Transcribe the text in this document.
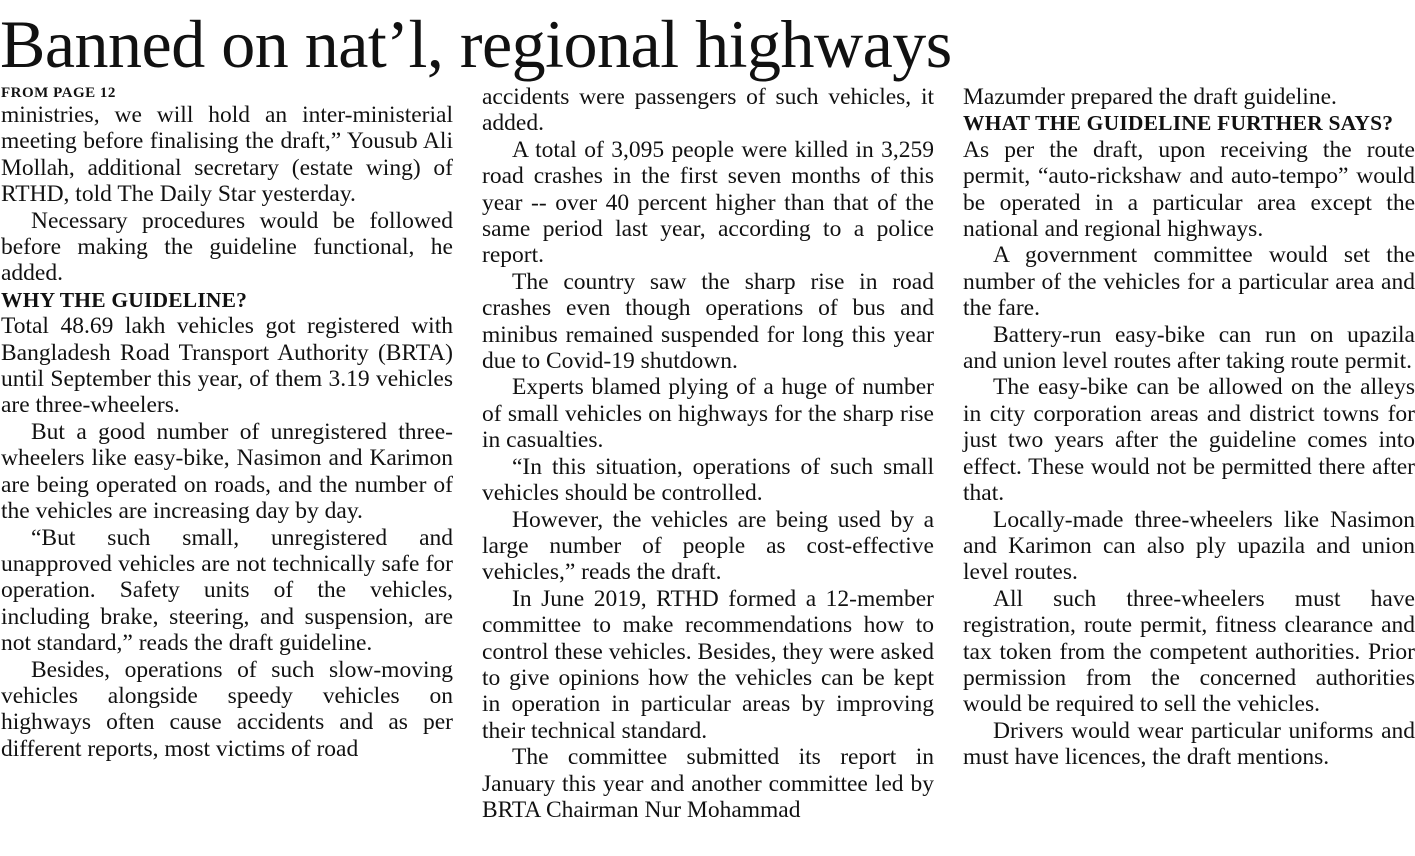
Banned on nat’l, regional highways

FROM PAGE 12

ministries, we will hold an inter-ministerial meeting before finalising the draft,” Yousub Ali Mollah, additional secretary (estate wing) of RTHD, told The Daily Star yesterday.

Necessary procedures would be followed before making the guideline functional, he added.

WHY THE GUIDELINE?

Total 48.69 lakh vehicles got registered with Bangladesh Road Transport Authority (BRTA) until September this year, of them 3.19 vehicles are three-wheelers.

But a good number of unregistered three-wheelers like easy-bike, Nasimon and Karimon are being operated on roads, and the number of the vehicles are increasing day by day.

“But such small, unregistered and unapproved vehicles are not technically safe for operation. Safety units of the vehicles, including brake, steering, and suspension, are not standard,” reads the draft guideline.

Besides, operations of such slow-moving vehicles alongside speedy vehicles on highways often cause accidents and as per different reports, most victims of road

accidents were passengers of such vehicles, it added.

A total of 3,095 people were killed in 3,259 road crashes in the first seven months of this year -- over 40 percent higher than that of the same period last year, according to a police report.

The country saw the sharp rise in road crashes even though operations of bus and minibus remained suspended for long this year due to Covid-19 shutdown.

Experts blamed plying of a huge of number of small vehicles on highways for the sharp rise in casualties.

“In this situation, operations of such small vehicles should be controlled.

However, the vehicles are being used by a large number of people as cost-effective vehicles,” reads the draft.

In June 2019, RTHD formed a 12-member committee to make recommendations how to control these vehicles. Besides, they were asked to give opinions how the vehicles can be kept in operation in particular areas by improving their technical standard.

The committee submitted its report in January this year and another committee led by BRTA Chairman Nur Mohammad

Mazumder prepared the draft guideline.

WHAT THE GUIDELINE FURTHER SAYS?

As per the draft, upon receiving the route permit, “auto-rickshaw and auto-tempo” would be operated in a particular area except the national and regional highways.

A government committee would set the number of the vehicles for a particular area and the fare.

Battery-run easy-bike can run on upazila and union level routes after taking route permit.

The easy-bike can be allowed on the alleys in city corporation areas and district towns for just two years after the guideline comes into effect. These would not be permitted there after that.

Locally-made three-wheelers like Nasimon and Karimon can also ply upazila and union level routes.

All such three-wheelers must have registration, route permit, fitness clearance and tax token from the competent authorities. Prior permission from the concerned authorities would be required to sell the vehicles.

Drivers would wear particular uniforms and must have licences, the draft mentions.
